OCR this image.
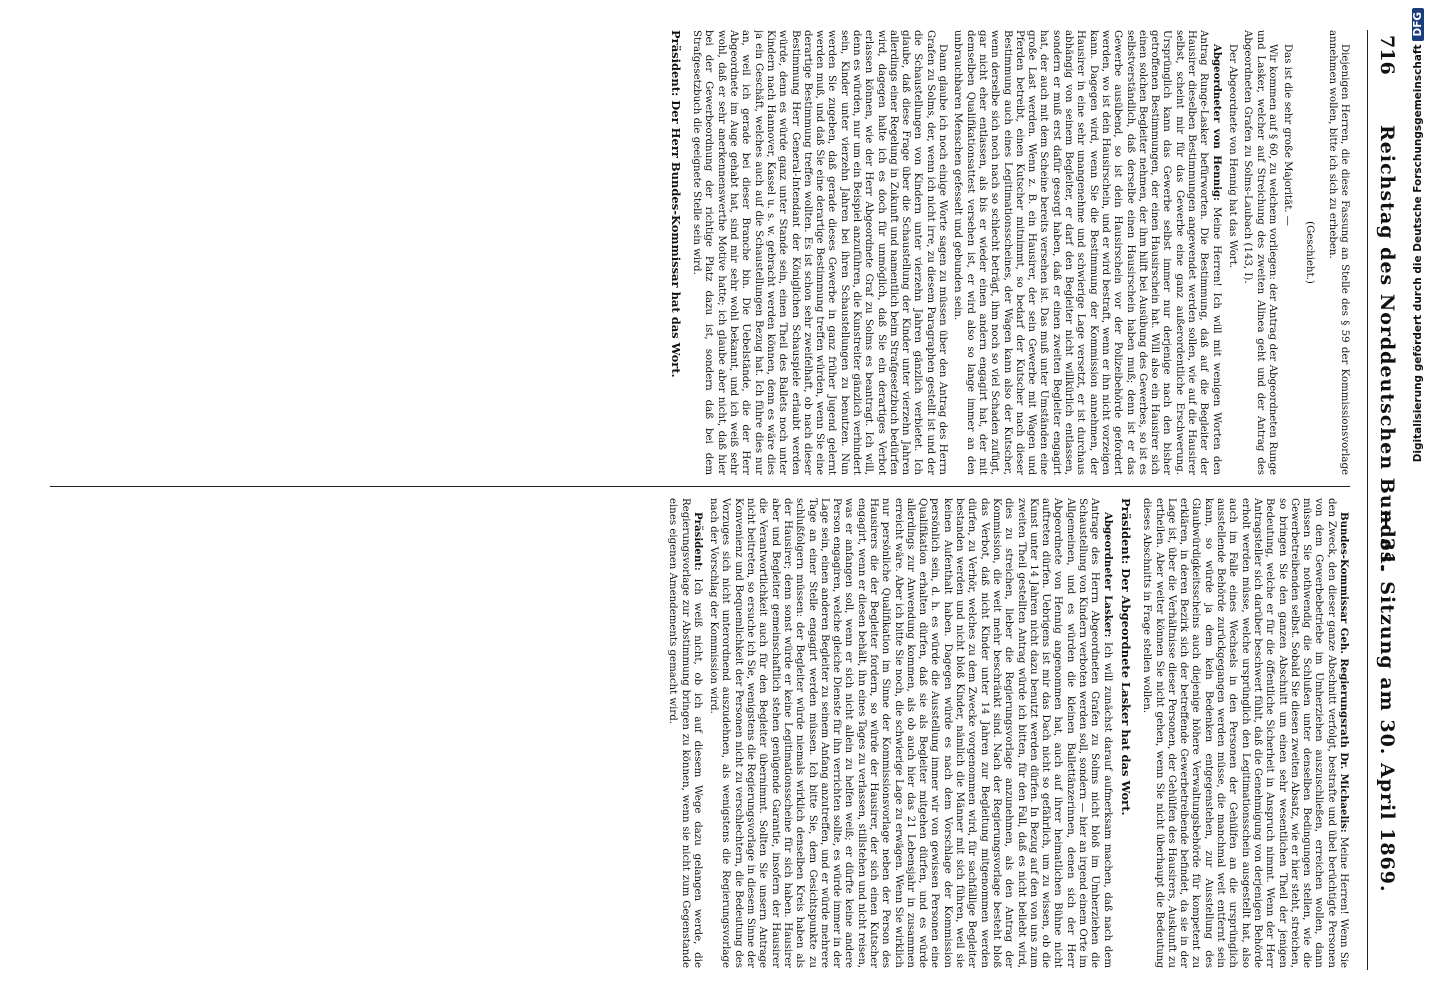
716
Reichstag des Norddeutschen Bundes.
— 31. Sitzung am 30. April 1869.

Diejenigen Herren, die diese Fassung an Stelle des § 59 der Kommissionsvorlage annehmen wollen, bitte ich sich zu erheben.

(Geschieht.)

Das ist die sehr große Majorität. —

Wir kommen auf § 60, zu welchem vorliegen: der Antrag der Abgeordneten Runge und Lasker, welcher auf Streichung des zweiten Alinea geht und der Antrag des Abgeordneten Grafen zu Solms-Laubach (143, I).

Der Abgeordnete von Hennig hat das Wort.

Abgeordneter von Hennig: Meine Herren! Ich will mit wenigen Worten den Antrag Runge-Lasker befürworten. Die Bestimmung, daß auf die Begleiter der Hausirer dieselben Bestimmungen angewendet werden sollen, wie auf die Hausirer selbst, scheint mir für das Gewerbe eine ganz außerordentliche Erschwerung. Ursprünglich kann das Gewerbe selbst immer nur derjenige nach den bisher getroffenen Bestimmungen, der einen Hausirschein hat. Will also ein Hausirer sich einen solchen Begleiter nehmen, der ihm hilft bei Ausübung des Gewerbes, so ist es selbstverständlich, daß derselbe einen Hausirschein haben muß; denn ist er das Gewerbe ausübend, so ist dein Hausirschein vor der Polizeibehörde gefordert werden, wo ist dein Hausirschein, und er wird bestraft, wenn er ihn nicht vorzeigen kann. Dagegen wird, wenn Sie die Bestimmung der Kommission annehmen, der Hausirer in eine sehr unangenehme und schwierige Lage versetzt, er ist durchaus abhängig von seinem Begleiter, er darf den Begleiter nicht willkürlich entlassen, sondern er muß erst dafür gesorgt haben, daß er einen zweiten Begleiter engagirt hat, der auch mit dem Scheine bereits versehen ist. Das muß unter Umständen eine große Last werden. Wenn z. B. ein Hausirer, der sein Gewerbe mit Wagen und Pferden betreibt, einen Kutscher mitnimmt, so bedarf der Kutscher nach dieser Bestimmung auch eines Legitimationsscheines, der Wagen kann also der Kutscher, wenn derselbe sich noch nach so schlecht beträgt, ihm noch so viel Schaden zufügt, gar nicht eher entlassen, als bis er wieder einen andern engagirt hat, der mit demselben Qualifikationsattest versehen ist, er wird also so lange immer an den unbrauchbaren Menschen gefesselt und gebunden sein.

Dann glaube ich noch einige Worte sagen zu müssen über den Antrag des Herrn Grafen zu Solms, der, wenn ich nicht irre, zu diesem Paragraphen gestellt ist und der die Schaustellungen von Kindern unter vierzehn Jahren gänzlich verbietet. Ich glaube, daß diese Frage über die Schaustellung der Kinder unter vierzehn Jahren allerdings einer Regelung in Zukunft und namentlich beim Strafgesetzbuch bedürfen wird, dagegen halte ich es doch für unmöglich, daß Sie ein derartiges Verbot erlassen können, wie der Herr Abgeordnete Graf zu Solms es beantragt. Ich will, denn es würden, nur um ein Beispiel anzuführen, die Kunstreiter gänzlich verhindert sein, Kinder unter vierzehn Jahren bei ihren Schaustellungen zu benutzen. Nun werden Sie zugeben, daß gerade dieses Gewerbe in ganz früher Jugend gelernt werden muß, und daß Sie eine derartige Bestimmung treffen würden, wenn Sie eine derartige Bestimmung treffen wollten. Es ist schon sehr zweifelhaft, ob nach dieser Bestimmung Herr General-Intendant der Königlichen Schauspiele erlaubt werden würde, denn es würde ganz unter Stande sein, einen Theil des Ballets noch unter Kindern nach Hannover, Kassel u. s. w. gebracht werden können, denn es wäre dies ja ein Geschäft, welches auch auf die Schaustellungen Bezug hat. Ich führe dies nur an, weil ich gerade bei dieser Branche bin. Die Uebelstände, die der Herr Abgeordnete im Auge gehabt hat, sind mir sehr wohl bekannt, und ich weiß sehr wohl, daß er sehr anerkennenswerthe Motive hatte; ich glaube aber nicht, daß hier bei der Gewerbeordnung der richtige Platz dazu ist, sondern daß bei dem Strafgesetzbuch die geeignete Stelle sein wird.

Präsident: Der Herr Bundes-Kommissar hat das Wort.

Bundes-Kommissar Geh. Regierungsrath Dr. Michaelis: Meine Herren! Wenn Sie den Zweck, den dieser ganze Abschnitt verfolgt, bestrafte und übel berüchtigte Personen von dem Gewerbebetriebe im Umherziehen auszuschließen, erreichen wollen, dann müssen Sie nothwendig die Schlußen unter denselben Bedingungen stellen, wie die Gewerbetreibenden selbst. Sobald Sie diesen zweiten Absatz, wie er hier steht, streichen, so bringen Sie den ganzen Abschnitt um einen sehr wesentlichen Theil der jenigen Bedeutung, welche er für die öffentliche Sicherheit in Anspruch nimmt. Wenn der Herr Antragsteller sich darüber beschwert fühlt, daß die Genehmigung von derjenigen Behörde erholt werden müsse, welche ursprünglich den Legitimationsschein ausgestellt hat, also auch im Falle eines Wechsels in den Personen der Gehülfen an die ursprünglich ausstellende Behörde zurückgegangen werden müsse, die manchmal weit entfernt sein kann, so würde ja dem kein Bedenken entgegenstehen, zur Ausstellung des Glaubwürdigkeitsscheins auch diejenige höhere Verwaltungsbehörde für kompetent zu erklären, in deren Bezirk sich der betreffende Gewerbetreibende befindet, da sie in der Lage ist, über die Verhältnisse dieser Personen, der Gehülfen des Hausirers, Auskunft zu ertheilen. Aber weiter können Sie nicht gehen, wenn Sie nicht überhaupt die Bedeutung dieses Abschnitts in Frage stellen wollen.

Präsident: Der Abgeordnete Lasker hat das Wort.

Abgeordneter Lasker: Ich will zunächst darauf aufmerksam machen, daß nach dem Antrage des Herrn Abgeordneten Grafen zu Solms nicht bloß im Umherziehen die Schaustellung von Kindern verboten werden soll, sondern — hier an irgend einem Orte im Allgemeinen, und es würden die kleinen Ballettänzerinnen, denen sich der Herr Abgeordnete von Hennig angenommen hat, auch auf ihrer heimatlichen Bühne nicht auftreten dürfen. Uebrigens ist mir das Dach nicht so gefährlich, um zu wissen, ob die Kunst unter 14 Jahren nicht dazu benutzt werden dürfen. In Bezug auf den von uns zum zweiten Theil gestellten Antrag würde ich bitten, für den Fall, daß es nicht beliebt wird, dies zu streichen, lieber die Regierungsvorlage anzunehmen, als den Antrag der Kommission, die weit mehr beschränkt sind. Nach der Regierungsvorlage besteht bloß das Verbot, daß nicht Kinder unter 14 Jahren zur Begleitung mitgenommen werden dürfen, zu Verhör, welches zu dem Zwecke vorgenommen wird, für sachfällige Begleiter bestanden werden und nicht bloß Kinder, nämlich die Männer mit sich führen, weil sie keinen Aufenthalt haben. Dagegen würde es nach dem Vorschlage der Kommission persönlich sein, d. h. es würde die Ausstellung immer wir von gewissen Personen eine Qualifikation erhalten dürfen, daß sie als Begleiter mitgehen dürfen, und es würde allerdings zur Anwendung kommen, als ob auch hier das 21 Lebensjahr in zusammen erreicht wäre. Aber ich bitte Sie noch, die schwierige Lage zu erwägen. Wenn Sie wirklich nur persönliche Qualifikation im Sinne der Kommissionsvorlage neben der Person des Hausirers die der Begleiter fordern, so würde der Hausirer, der sich einen Kutscher engagirt, wenn er diesen behält, ihn eines Tages zu verlassen, stillstehen und nicht reisen, was er anfangen soll, wenn er sich nicht allein zu helfen weiß; er dürfte keine andere Person engagiren, welche gleiche Dienste für ihn verrichten sollte, es würde immer in der Lage sein, einen anderen Begleiter zu seinem Anfang anzutreffen, und er würde mehrere Tage an einer Stelle engagirt werden müssen. Ich bitte Sie, dem Gesichtspunkte zu schlußfolgern müssen: der Begleiter würde niemals wirklich denselben Kreis haben als der Hausirer; denn sonst würde er keine Legitimationsscheine für sich haben. Hausirer aber und Begleiter gemeinschaftlich stehen genügende Garantie, insofern der Hausirer die Verantwortlichkeit auch für den Begleiter übernimmt. Sollten Sie unsern Antrage nicht beitreten, so ersuche ich Sie, wenigstens die Regierungsvorlage in diesem Sinne der Konvenienz und Bequemlichkeit der Personen nicht zu verschlechtern, die Bedeutung des Vorzuges sich nicht unterordnend auszudehnen, als wenigstens die Regierungsvorlage nach der Vorschlag der Kommission wird.

Präsident: Ich weiß nicht, ob ich auf diesem Wege dazu gelangen werde, die Regierungsvorlage zur Abstimmung bringen zu können, wenn sie nicht zum Gegenstande eines eigenen Amendements gemacht wird.

Digitalisierung gefördert durch die Deutsche ForschungsgemeinschaftDFG
